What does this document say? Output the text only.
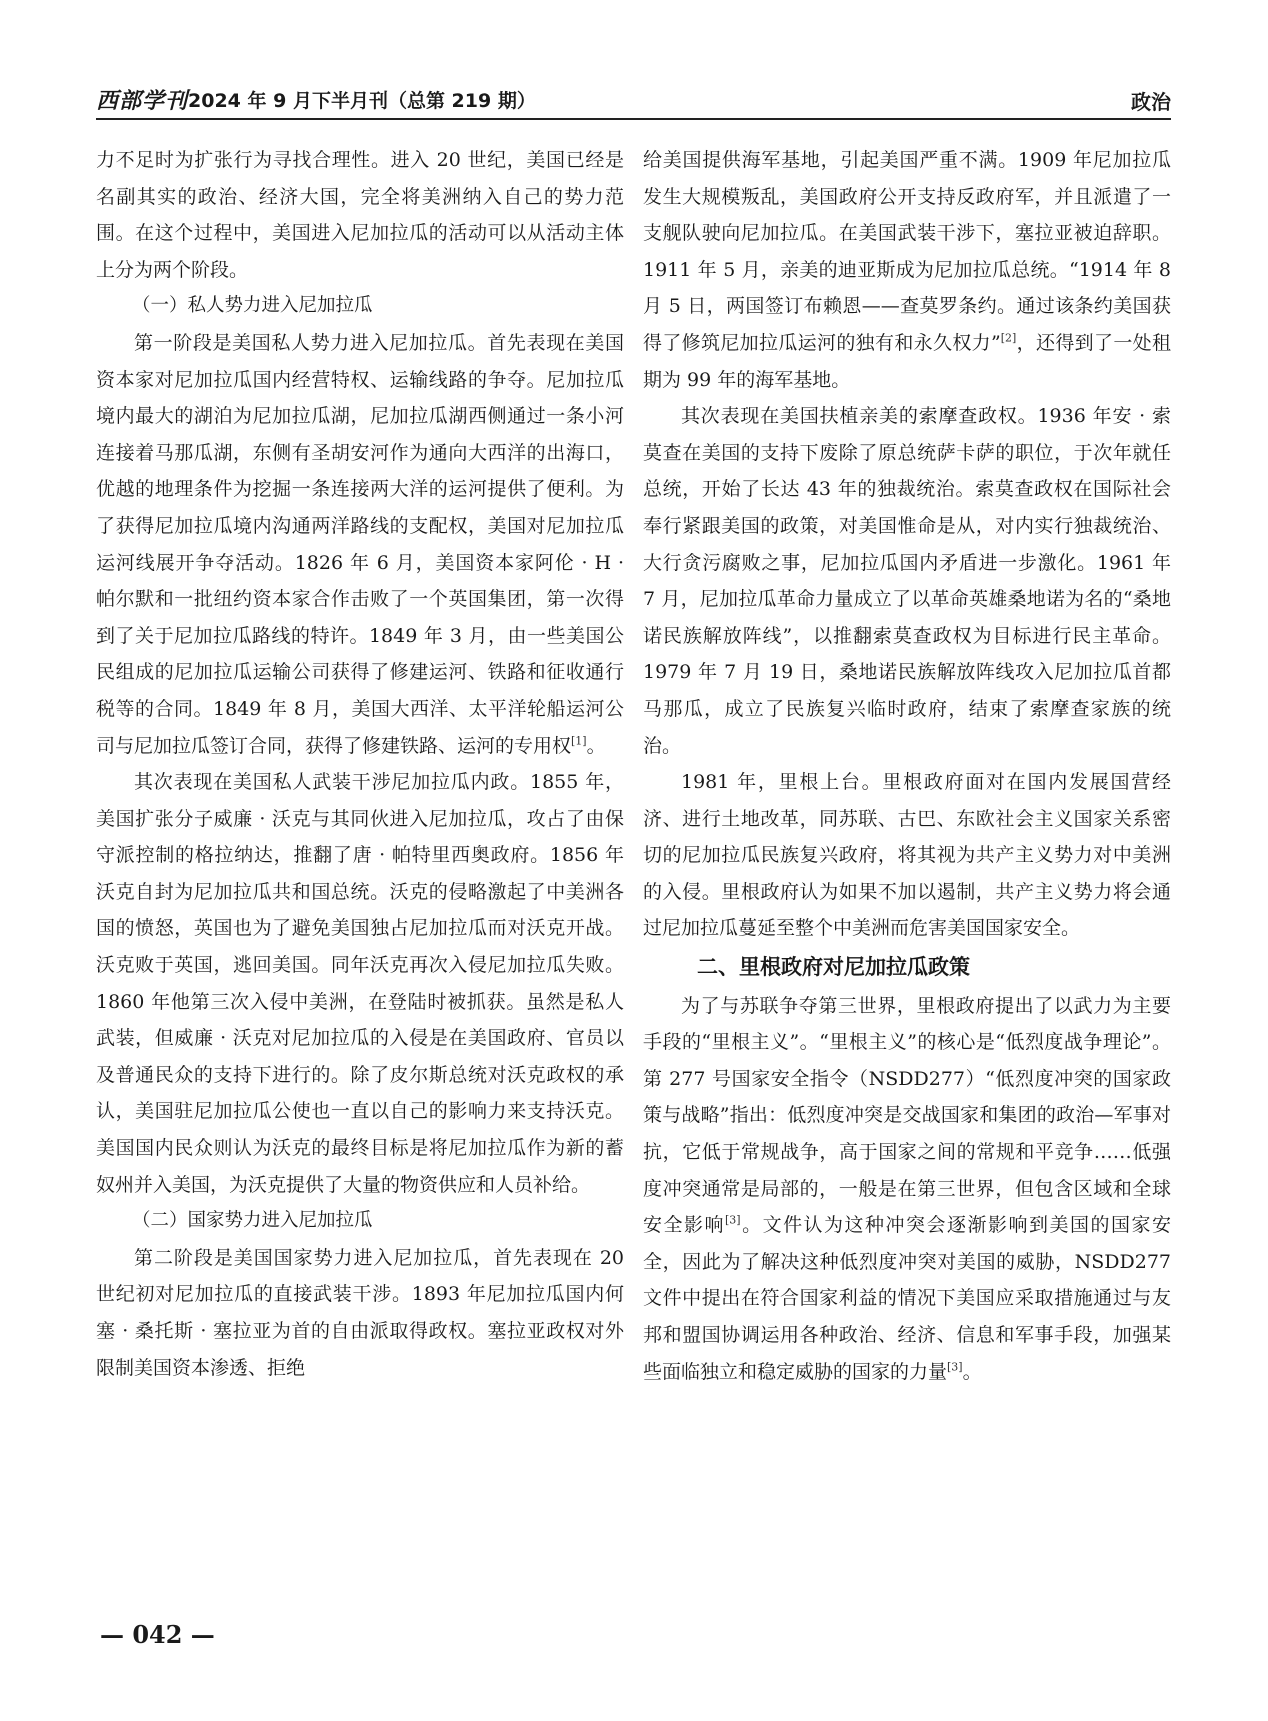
西部学刊 2024 年 9 月下半月刊（总第 219 期）	政治

力不足时为扩张行为寻找合理性。进入 20 世纪，美国已经是名副其实的政治、经济大国，完全将美洲纳入自己的势力范围。在这个过程中，美国进入尼加拉瓜的活动可以从活动主体上分为两个阶段。

（一）私人势力进入尼加拉瓜

第一阶段是美国私人势力进入尼加拉瓜。首先表现在美国资本家对尼加拉瓜国内经营特权、运输线路的争夺。尼加拉瓜境内最大的湖泊为尼加拉瓜湖，尼加拉瓜湖西侧通过一条小河连接着马那瓜湖，东侧有圣胡安河作为通向大西洋的出海口，优越的地理条件为挖掘一条连接两大洋的运河提供了便利。为了获得尼加拉瓜境内沟通两洋路线的支配权，美国对尼加拉瓜运河线展开争夺活动。1826 年 6 月，美国资本家阿伦 · H · 帕尔默和一批纽约资本家合作击败了一个英国集团，第一次得到了关于尼加拉瓜路线的特许。1849 年 3 月，由一些美国公民组成的尼加拉瓜运输公司获得了修建运河、铁路和征收通行税等的合同。1849 年 8 月，美国大西洋、太平洋轮船运河公司与尼加拉瓜签订合同，获得了修建铁路、运河的专用权[1]。

其次表现在美国私人武装干涉尼加拉瓜内政。1855 年，美国扩张分子威廉 · 沃克与其同伙进入尼加拉瓜，攻占了由保守派控制的格拉纳达，推翻了唐 · 帕特里西奥政府。1856 年沃克自封为尼加拉瓜共和国总统。沃克的侵略激起了中美洲各国的愤怒，英国也为了避免美国独占尼加拉瓜而对沃克开战。沃克败于英国，逃回美国。同年沃克再次入侵尼加拉瓜失败。1860 年他第三次入侵中美洲，在登陆时被抓获。虽然是私人武装，但威廉 · 沃克对尼加拉瓜的入侵是在美国政府、官员以及普通民众的支持下进行的。除了皮尔斯总统对沃克政权的承认，美国驻尼加拉瓜公使也一直以自己的影响力来支持沃克。美国国内民众则认为沃克的最终目标是将尼加拉瓜作为新的蓄奴州并入美国，为沃克提供了大量的物资供应和人员补给。

（二）国家势力进入尼加拉瓜

第二阶段是美国国家势力进入尼加拉瓜，首先表现在 20 世纪初对尼加拉瓜的直接武装干涉。1893 年尼加拉瓜国内何塞 · 桑托斯 · 塞拉亚为首的自由派取得政权。塞拉亚政权对外限制美国资本渗透、拒绝

给美国提供海军基地，引起美国严重不满。1909 年尼加拉瓜发生大规模叛乱，美国政府公开支持反政府军，并且派遣了一支舰队驶向尼加拉瓜。在美国武装干涉下，塞拉亚被迫辞职。1911 年 5 月，亲美的迪亚斯成为尼加拉瓜总统。“1914 年 8 月 5 日，两国签订布赖恩——查莫罗条约。通过该条约美国获得了修筑尼加拉瓜运河的独有和永久权力”[2]，还得到了一处租期为 99 年的海军基地。

其次表现在美国扶植亲美的索摩查政权。1936 年安 · 索莫查在美国的支持下废除了原总统萨卡萨的职位，于次年就任总统，开始了长达 43 年的独裁统治。索莫查政权在国际社会奉行紧跟美国的政策，对美国惟命是从，对内实行独裁统治、大行贪污腐败之事，尼加拉瓜国内矛盾进一步激化。1961 年 7 月，尼加拉瓜革命力量成立了以革命英雄桑地诺为名的“桑地诺民族解放阵线”，以推翻索莫查政权为目标进行民主革命。1979 年 7 月 19 日，桑地诺民族解放阵线攻入尼加拉瓜首都马那瓜，成立了民族复兴临时政府，结束了索摩查家族的统治。

1981 年，里根上台。里根政府面对在国内发展国营经济、进行土地改革，同苏联、古巴、东欧社会主义国家关系密切的尼加拉瓜民族复兴政府，将其视为共产主义势力对中美洲的入侵。里根政府认为如果不加以遏制，共产主义势力将会通过尼加拉瓜蔓延至整个中美洲而危害美国国家安全。

二、里根政府对尼加拉瓜政策

为了与苏联争夺第三世界，里根政府提出了以武力为主要手段的“里根主义”。“里根主义”的核心是“低烈度战争理论”。第 277 号国家安全指令（NSDD277）“低烈度冲突的国家政策与战略”指出：低烈度冲突是交战国家和集团的政治—军事对抗，它低于常规战争，高于国家之间的常规和平竞争……低强度冲突通常是局部的，一般是在第三世界，但包含区域和全球安全影响[3]。文件认为这种冲突会逐渐影响到美国的国家安全，因此为了解决这种低烈度冲突对美国的威胁，NSDD277 文件中提出在符合国家利益的情况下美国应采取措施通过与友邦和盟国协调运用各种政治、经济、信息和军事手段，加强某些面临独立和稳定威胁的国家的力量[3]。

— 042 —
